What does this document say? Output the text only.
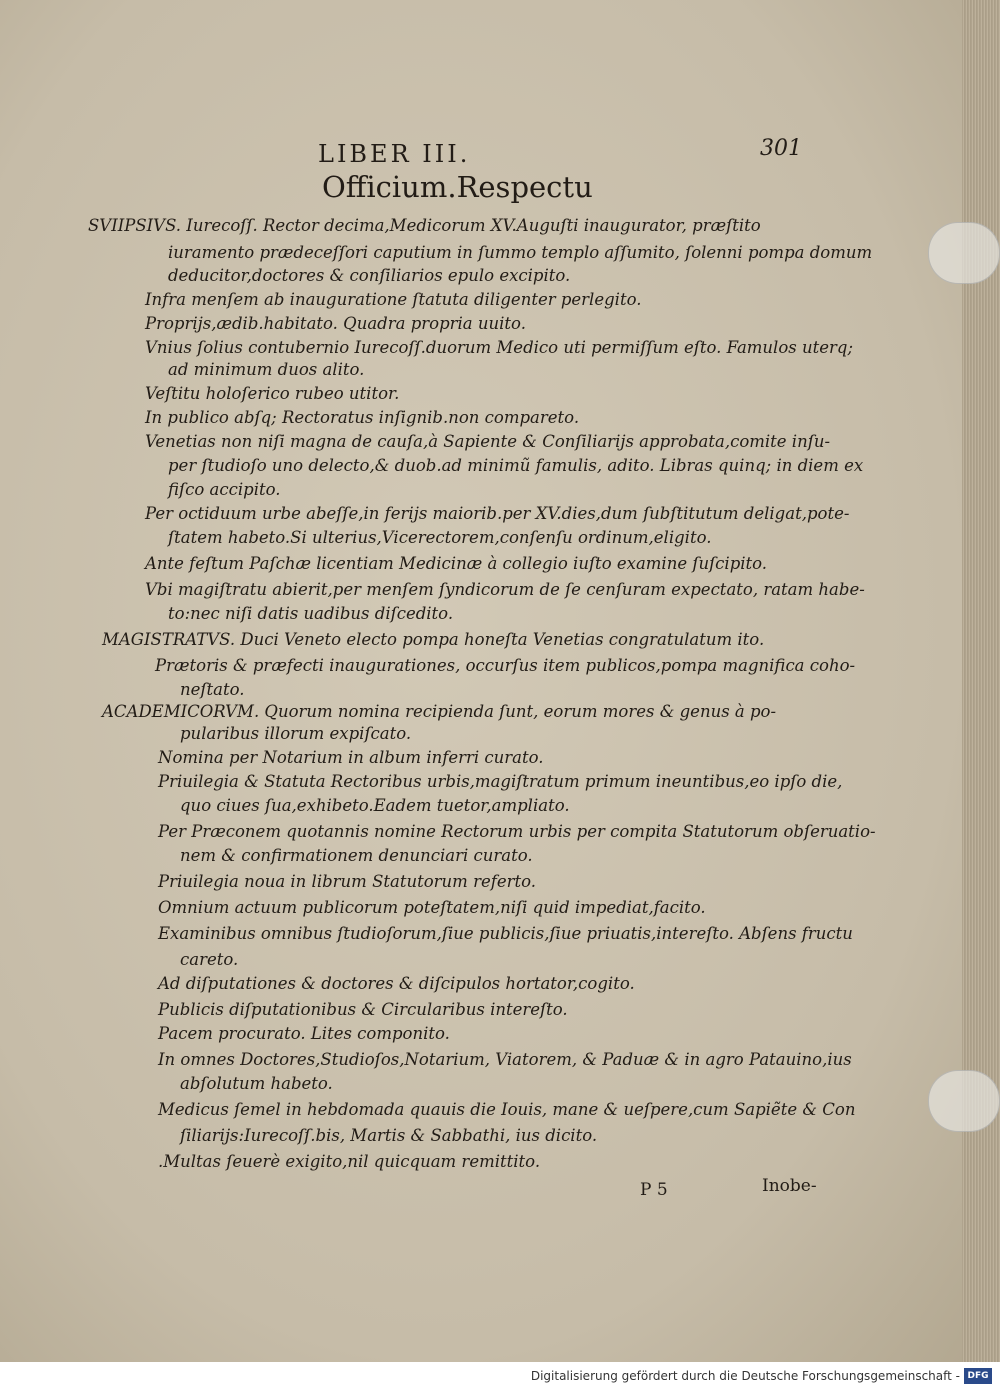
LIBER III.	301
Officium.Respectu
SVIIPSIVS. Iurecoſſ. Rector decima,Medicorum XV.Auguſti inaugurator, præſtito
iuramento prædeceſſori caputium in ſummo templo aſſumito, ſolenni pompa domum
deducitor,doctores & conſiliarios epulo excipito.
Infra menſem ab inauguratione ſtatuta diligenter perlegito.
Proprijs,ædib.habitato. Quadra propria uuito.
Vnius ſolius contubernio Iurecoſſ.duorum Medico uti permiſſum eſto. Famulos uterq;
ad minimum duos alito.
Veſtitu holoſerico rubeo utitor.
In publico abſq; Rectoratus inſignib.non compareto.
Venetias non niſi magna de cauſa,à Sapiente & Conſiliarijs approbata,comite inſu-
per ſtudioſo uno delecto,& duob.ad minimũ famulis, adito. Libras quinq; in diem ex
fiſco accipito.
Per octiduum urbe abeſſe,in ferijs maiorib.per XV.dies,dum ſubſtitutum deligat,pote-
ſtatem habeto.Si ulterius,Vicerectorem,conſenſu ordinum,eligito.
Ante feſtum Paſchæ licentiam Medicinæ à collegio iuſto examine ſuſcipito.
Vbi magiſtratu abierit,per menſem ſyndicorum de ſe cenſuram expectato, ratam habe-
to:nec niſi datis uadibus diſcedito.
MAGISTRATVS. Duci Veneto electo pompa honeſta Venetias congratulatum ito.
Prætoris & præfecti inaugurationes, occurſus item publicos,pompa magnifica coho-
neſtato.
ACADEMICORVM. Quorum nomina recipienda ſunt, eorum mores & genus à po-
pularibus illorum expiſcato.
Nomina per Notarium in album inferri curato.
Priuilegia & Statuta Rectoribus urbis,magiſtratum primum ineuntibus,eo ipſo die,
quo ciues ſua,exhibeto.Eadem tuetor,ampliato.
Per Præconem quotannis nomine Rectorum urbis per compita Statutorum obſeruatio-
nem & confirmationem denunciari curato.
Priuilegia noua in librum Statutorum referto.
Omnium actuum publicorum poteſtatem,niſi quid impediat,facito.
Examinibus omnibus ſtudioſorum,ſiue publicis,ſiue priuatis,intereſto. Abſens fructu
careto.
Ad diſputationes & doctores & diſcipulos hortator,cogito.
Publicis diſputationibus & Circularibus intereſto.
Pacem procurato. Lites componito.
In omnes Doctores,Studioſos,Notarium, Viatorem, & Paduæ & in agro Patauino,ius
abſolutum habeto.
Medicus ſemel in hebdomada quauis die Iouis, mane & ueſpere,cum Sapiẽte & Con
ſiliarijs:Iurecoſſ.bis, Martis & Sabbathi, ius dicito.
.Multas ſeuerè exigito,nil quicquam remittito.
P 5	Inobe-
Digitalisierung gefördert durch die Deutsche Forschungsgemeinschaft - DFG
